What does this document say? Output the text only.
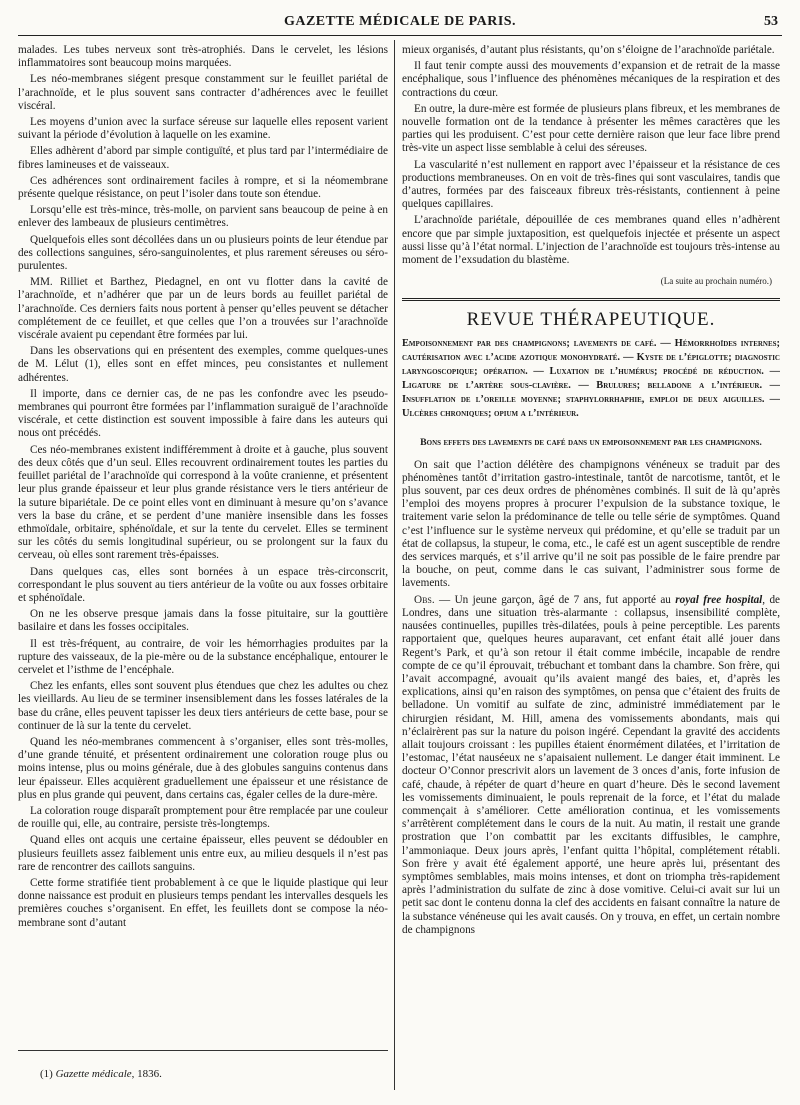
GAZETTE MÉDICALE DE PARIS.	53

malades. Les tubes nerveux sont très-atrophiés. Dans le cervelet, les lésions inflammatoires sont beaucoup moins marquées.

Les néo-membranes siégent presque constamment sur le feuillet pariétal de l’arachnoïde, et le plus souvent sans contracter d’adhérences avec le feuillet viscéral.

Les moyens d’union avec la surface séreuse sur laquelle elles reposent varient suivant la période d’évolution à laquelle on les examine.

Elles adhèrent d’abord par simple contiguïté, et plus tard par l’intermédiaire de fibres lamineuses et de vaisseaux.

Ces adhérences sont ordinairement faciles à rompre, et si la néomembrane présente quelque résistance, on peut l’isoler dans toute son étendue.

Lorsqu’elle est très-mince, très-molle, on parvient sans beaucoup de peine à en enlever des lambeaux de plusieurs centimètres.

Quelquefois elles sont décollées dans un ou plusieurs points de leur étendue par des collections sanguines, séro-sanguinolentes, et plus rarement séreuses ou séro-purulentes.

MM. Rilliet et Barthez, Piedagnel, en ont vu flotter dans la cavité de l’arachnoïde, et n’adhérer que par un de leurs bords au feuillet pariétal de l’arachnoïde. Ces derniers faits nous portent à penser qu’elles peuvent se détacher complétement de ce feuillet, et que celles que l’on a trouvées sur l’arachnoïde viscérale avaient pu cependant être formées par lui.

Dans les observations qui en présentent des exemples, comme quelques-unes de M. Lélut (1), elles sont en effet minces, peu consistantes et nullement adhérentes.

Il importe, dans ce dernier cas, de ne pas les confondre avec les pseudo-membranes qui pourront être formées par l’inflammation suraiguë de l’arachnoïde viscérale, et cette distinction est souvent impossible à faire dans les auteurs qui nous ont précédés.

Ces néo-membranes existent indifféremment à droite et à gauche, plus souvent des deux côtés que d’un seul. Elles recouvrent ordinairement toutes les parties du feuillet pariétal de l’arachnoïde qui correspond à la voûte cranienne, et présentent leur plus grande épaisseur et leur plus grande résistance vers le tiers antérieur de la suture bipariétale. De ce point elles vont en diminuant à mesure qu’on s’avance vers la base du crâne, et se perdent d’une manière insensible dans les fosses ethmoïdale, orbitaire, sphénoïdale, et sur la tente du cervelet. Elles se terminent sur les côtés du semis longitudinal supérieur, ou se prolongent sur la faux du cerveau, où elles sont rarement très-épaisses.

Dans quelques cas, elles sont bornées à un espace très-circonscrit, correspondant le plus souvent au tiers antérieur de la voûte ou aux fosses orbitaire et sphénoïdale.

On ne les observe presque jamais dans la fosse pituitaire, sur la gouttière basilaire et dans les fosses occipitales.

Il est très-fréquent, au contraire, de voir les hémorrhagies produites par la rupture des vaisseaux, de la pie-mère ou de la substance encéphalique, entourer le cervelet et l’isthme de l’encéphale.

Chez les enfants, elles sont souvent plus étendues que chez les adultes ou chez les vieillards. Au lieu de se terminer insensiblement dans les fosses latérales de la base du crâne, elles peuvent tapisser les deux tiers antérieurs de cette base, pour se continuer de là sur la tente du cervelet.

Quand les néo-membranes commencent à s’organiser, elles sont très-molles, d’une grande ténuité, et présentent ordinairement une coloration rouge plus ou moins intense, plus ou moins générale, due à des globules sanguins contenus dans leur épaisseur. Elles acquièrent graduellement une épaisseur et une résistance de plus en plus grande qui peuvent, dans certains cas, égaler celles de la dure-mère.

La coloration rouge disparaît promptement pour être remplacée par une couleur de rouille qui, elle, au contraire, persiste très-longtemps.

Quand elles ont acquis une certaine épaisseur, elles peuvent se dédoubler en plusieurs feuillets assez faiblement unis entre eux, au milieu desquels il n’est pas rare de rencontrer des caillots sanguins.

Cette forme stratifiée tient probablement à ce que le liquide plastique qui leur donne naissance est produit en plusieurs temps pendant les intervalles desquels les premières couches s’organisent. En effet, les feuillets dont se compose la néo-membrane sont d’autant

(1) Gazette médicale, 1836.

mieux organisés, d’autant plus résistants, qu’on s’éloigne de l’arachnoïde pariétale.

Il faut tenir compte aussi des mouvements d’expansion et de retrait de la masse encéphalique, sous l’influence des phénomènes mécaniques de la respiration et des contractions du cœur.

En outre, la dure-mère est formée de plusieurs plans fibreux, et les membranes de nouvelle formation ont de la tendance à présenter les mêmes caractères que les parties qui les produisent. C’est pour cette dernière raison que leur face libre prend très-vite un aspect lisse semblable à celui des séreuses.

La vascularité n’est nullement en rapport avec l’épaisseur et la résistance de ces productions membraneuses. On en voit de très-fines qui sont vasculaires, tandis que d’autres, formées par des faisceaux fibreux très-résistants, contiennent à peine quelques capillaires.

L’arachnoïde pariétale, dépouillée de ces membranes quand elles n’adhèrent encore que par simple juxtaposition, est quelquefois injectée et présente un aspect aussi lisse qu’à l’état normal. L’injection de l’arachnoïde est toujours très-intense au moment de l’exsudation du blastème.

(La suite au prochain numéro.)
REVUE THÉRAPEUTIQUE.
Empoisonnement par des champignons; lavements de café. — Hémorrhoïdes internes; cautérisation avec l’acide azotique monohydraté. — Kyste de l’épiglotte; diagnostic laryngoscopique; opération. — Luxation de l’humérus; procédé de réduction. — Ligature de l’artère sous-clavière. — Brulures; belladone a l’intérieur. — Insufflation de l’oreille moyenne; staphylorrhaphie, emploi de deux aiguilles. — Ulcères chroniques; opium a l’intérieur.
Bons effets des lavements de café dans un empoisonnement par les champignons.

On sait que l’action délétère des champignons vénéneux se traduit par des phénomènes tantôt d’irritation gastro-intestinale, tantôt de narcotisme, tantôt, et le plus souvent, par ces deux ordres de phénomènes combinés. Il suit de là qu’après l’emploi des moyens propres à procurer l’expulsion de la substance toxique, le traitement varie selon la prédominance de telle ou telle série de symptômes. Quand c’est l’influence sur le système nerveux qui prédomine, et qu’elle se traduit par un état de collapsus, la stupeur, le coma, etc., le café est un agent susceptible de rendre des services marqués, et s’il arrive qu’il ne soit pas possible de le faire prendre par la bouche, on peut, comme dans le cas suivant, l’administrer sous forme de lavements.

Obs. — Un jeune garçon, âgé de 7 ans, fut apporté au royal free hospital, de Londres, dans une situation très-alarmante : collapsus, insensibilité complète, nausées continuelles, pupilles très-dilatées, pouls à peine perceptible. Les parents rapportaient que, quelques heures auparavant, cet enfant était allé jouer dans Regent’s Park, et qu’à son retour il était comme imbécile, incapable de rendre compte de ce qu’il éprouvait, trébuchant et tombant dans la chambre. Son frère, qui l’avait accompagné, avouait qu’ils avaient mangé des baies, et, d’après les explications, ainsi qu’en raison des symptômes, on pensa que c’étaient des fruits de belladone. Un vomitif au sulfate de zinc, administré immédiatement par le chirurgien résidant, M. Hill, amena des vomissements abondants, mais qui n’éclairèrent pas sur la nature du poison ingéré. Cependant la gravité des accidents allait toujours croissant : les pupilles étaient énormément dilatées, et l’irritation de l’estomac, l’état nauséeux ne s’apaisaient nullement. Le danger était imminent. Le docteur O’Connor prescrivit alors un lavement de 3 onces d’anis, forte infusion de café, chaude, à répéter de quart d’heure en quart d’heure. Dès le second lavement les vomissements diminuaient, le pouls reprenait de la force, et l’état du malade commençait à s’améliorer. Cette amélioration continua, et les vomissements s’arrêtèrent complétement dans le cours de la nuit. Au matin, il restait une grande prostration que l’on combattit par les excitants diffusibles, le camphre, l’ammoniaque. Deux jours après, l’enfant quitta l’hôpital, complétement rétabli. Son frère y avait été également apporté, une heure après lui, présentant des symptômes semblables, mais moins intenses, et dont on triompha très-rapidement après l’administration du sulfate de zinc à dose vomitive. Celui-ci avait sur lui un petit sac dont le contenu donna la clef des accidents en faisant connaître la nature de la substance vénéneuse qui les avait causés. On y trouva, en effet, un certain nombre de champignons
